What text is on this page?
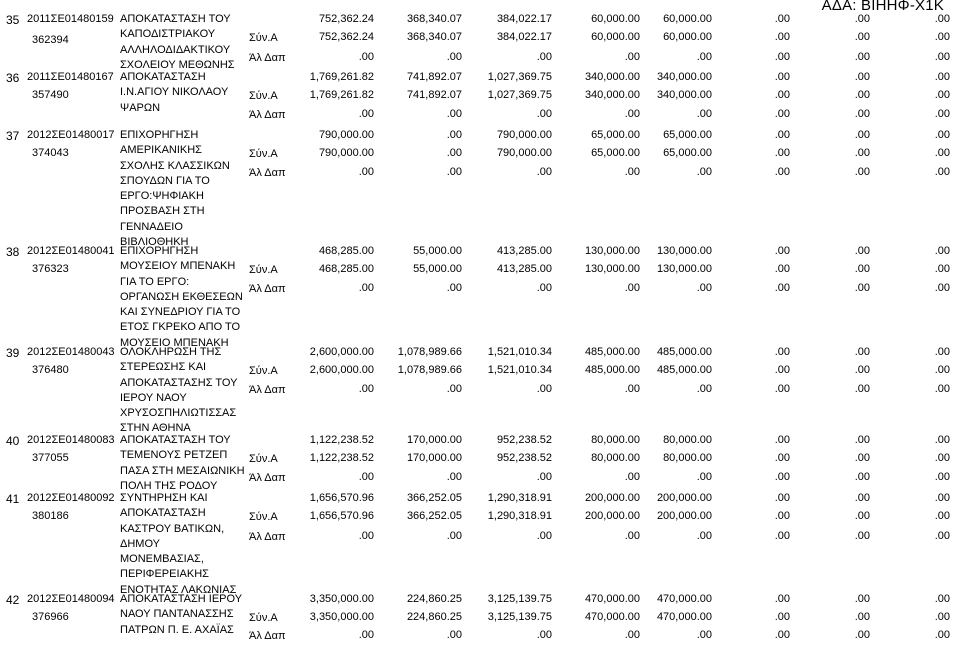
ΑΔΑ: ΒΙΗΗΦ-Χ1Κ
35 2011ΣΕ01480159
362394
ΑΠΟΚΑΤΑΣΤΑΣΗ ΤΟΥ
ΚΑΠΟΔΙΣΤΡΙΑΚΟΥ
ΑΛΛΗΛΟΔΙΔΑΚΤΙΚΟΥ
ΣΧΟΛΕΙΟΥ ΜΕΘΩΝΗΣ
752,362.24	368,340.07	384,022.17	60,000.00 60,000.00	.00	.00	.00
Σύν.Α	752,362.24	368,340.07	384,022.17	60,000.00 60,000.00	.00	.00	.00
Άλ Δαπ	.00	.00	.00	.00	.00	.00	.00	.00
36 2011ΣΕ01480167
357490
ΑΠΟΚΑΤΑΣΤΑΣΗ
Ι.Ν.ΑΓΙΟΥ ΝΙΚΟΛΑΟΥ
ΨΑΡΩΝ
1,769,261.82	741,892.07 1,027,369.75	340,000.00 340,000.00	.00	.00	.00
Σύν.Α	1,769,261.82	741,892.07 1,027,369.75	340,000.00 340,000.00	.00	.00	.00
Άλ Δαπ	.00	.00	.00	.00	.00	.00	.00	.00
37 2012ΣΕ01480017
374043
ΕΠΙΧΟΡΗΓΗΣΗ
ΑΜΕΡΙΚΑΝΙΚΗΣ
ΣΧΟΛΗΣ ΚΛΑΣΣΙΚΩΝ
ΣΠΟΥΔΩΝ ΓΙΑ ΤΟ
ΕΡΓΟ:ΨΗΦΙΑΚΗ
ΠΡΟΣΒΑΣΗ ΣΤΗ
ΓΕΝΝΑΔΕΙΟ
ΒΙΒΛΙΟΘΗΚΗ
790,000.00	.00	790,000.00	65,000.00 65,000.00	.00	.00	.00
Σύν.Α	790,000.00	.00	790,000.00	65,000.00 65,000.00	.00	.00	.00
Άλ Δαπ	.00	.00	.00	.00	.00	.00	.00	.00
38 2012ΣΕ01480041
376323
ΕΠΙΧΟΡΗΓΗΣΗ
ΜΟΥΣΕΙΟΥ ΜΠΕΝΑΚΗ
ΓΙΑ ΤΟ ΕΡΓΟ:
ΟΡΓΑΝΩΣΗ ΕΚΘΕΣΕΩΝ
ΚΑΙ ΣΥΝΕΔΡΙΟΥ ΓΙΑ ΤΟ
ΕΤΟΣ ΓΚΡΕΚΟ ΑΠΟ ΤΟ
ΜΟΥΣΕΙΟ ΜΠΕΝΑΚΗ
468,285.00	55,000.00	413,285.00	130,000.00 130,000.00	.00	.00	.00
Σύν.Α	468,285.00	55,000.00	413,285.00	130,000.00 130,000.00	.00	.00	.00
Άλ Δαπ	.00	.00	.00	.00	.00	.00	.00	.00
39 2012ΣΕ01480043
376480
ΟΛΟΚΛΗΡΩΣΗ ΤΗΣ
ΣΤΕΡΕΩΣΗΣ ΚΑΙ
ΑΠΟΚΑΤΑΣΤΑΣΗΣ ΤΟΥ
ΙΕΡΟΥ ΝΑΟΥ
ΧΡΥΣΟΣΠΗΛΙΩΤΙΣΣΑΣ
ΣΤΗΝ ΑΘΗΝΑ
2,600,000.00 1,078,989.66 1,521,010.34	485,000.00 485,000.00	.00	.00	.00
Σύν.Α	2,600,000.00 1,078,989.66 1,521,010.34	485,000.00 485,000.00	.00	.00	.00
Άλ Δαπ	.00	.00	.00	.00	.00	.00	.00	.00
40 2012ΣΕ01480083
377055
ΑΠΟΚΑΤΑΣΤΑΣΗ ΤΟΥ
ΤΕΜΕΝΟΥΣ ΡΕΤΖΕΠ
ΠΑΣΑ ΣΤΗ ΜΕΣΑΙΩΝΙΚΗ
ΠΟΛΗ ΤΗΣ ΡΟΔΟΥ
1,122,238.52	170,000.00	952,238.52	80,000.00 80,000.00	.00	.00	.00
Σύν.Α	1,122,238.52	170,000.00	952,238.52	80,000.00 80,000.00	.00	.00	.00
Άλ Δαπ	.00	.00	.00	.00	.00	.00	.00	.00
41 2012ΣΕ01480092
380186
ΣΥΝΤΗΡΗΣΗ ΚΑΙ
ΑΠΟΚΑΤΑΣΤΑΣΗ
ΚΑΣΤΡΟΥ ΒΑΤΙΚΩΝ,
ΔΗΜΟΥ
ΜΟΝΕΜΒΑΣΙΑΣ,
ΠΕΡΙΦΕΡΕΙΑΚΗΣ
ΕΝΟΤΗΤΑΣ ΛΑΚΩΝΙΑΣ
1,656,570.96	366,252.05 1,290,318.91	200,000.00 200,000.00	.00	.00	.00
Σύν.Α	1,656,570.96	366,252.05 1,290,318.91	200,000.00 200,000.00	.00	.00	.00
Άλ Δαπ	.00	.00	.00	.00	.00	.00	.00	.00
42 2012ΣΕ01480094
376966
ΑΠΟΚΑΤΑΣΤΑΣΗ ΙΕΡΟΥ
ΝΑΟΥ ΠΑΝΤΑΝΑΣΣΗΣ
ΠΑΤΡΩΝ Π. Ε. ΑΧΑΪΑΣ
3,350,000.00	224,860.25 3,125,139.75	470,000.00 470,000.00	.00	.00	.00
Σύν.Α	3,350,000.00	224,860.25 3,125,139.75	470,000.00 470,000.00	.00	.00	.00
Άλ Δαπ	.00	.00	.00	.00	.00	.00	.00	.00
